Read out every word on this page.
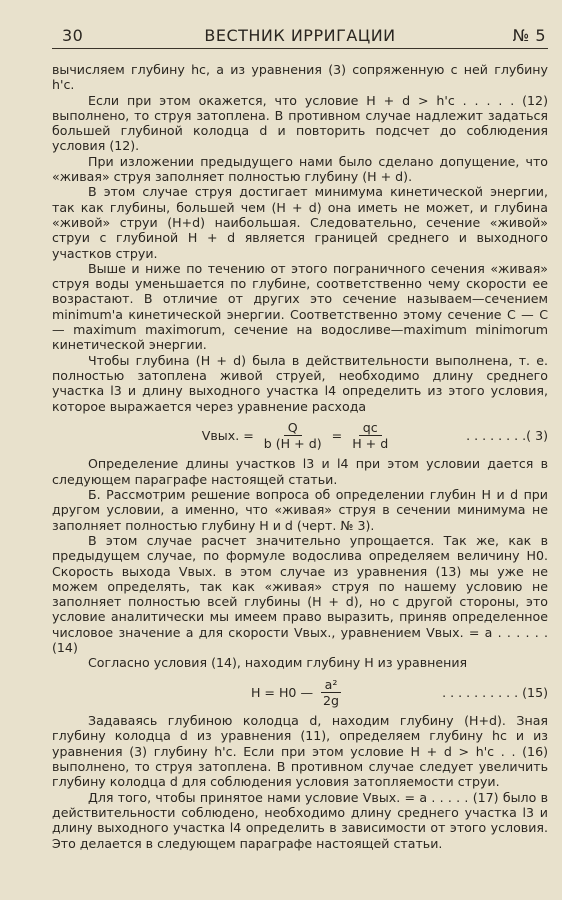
30	ВЕСТНИК ИРРИГАЦИИ	№ 5

вычисляем глубину hс, а из уравнения (3) сопряженную с ней глубину h'с.

Если при этом окажется, что условие H + d > h'с . . . . . (12) выполнено, то струя затоплена. В противном случае надлежит задаться большей глубиной колодца d и повторить подсчет до соблюдения условия (12).

При изложении предыдущего нами было сделано допущение, что «живая» струя заполняет полностью глубину (H + d).

В этом случае струя достигает минимума кинетической энергии, так как глубины, большей чем (H + d) она иметь не может, и глубина «живой» струи (H+d) наибольшая. Следовательно, сечение «живой» струи с глубиной H + d является границей среднего и выходного участков струи.

Выше и ниже по течению от этого пограничного сечения «живая» струя воды уменьшается по глубине, соответственно чему скорости ее возрастают. В отличие от других это сечение называем—сечением minimum'а кинетической энергии. Соответственно этому сечение С — С — maximum maximorum, сечение на водосливе—maximum minimorum кинетической энергии.

Чтобы глубина (H + d) была в действительности выполнена, т. е. полностью затоплена живой струей, необходимо длину среднего участка l3 и длину выходного участка l4 определить из этого условия, которое выражается через уравнение расхода

Vвых. = $\frac{Q}{b (H + d)} = \frac{qс}{H + d}$	. . . . . . . .( 3)

Определение длины участков l3 и l4 при этом условии дается в следующем параграфе настоящей статьи.

Б. Рассмотрим решение вопроса об определении глубин H и d при другом условии, а именно, что «живая» струя в сечении минимума не заполняет полностью глубину H и d (черт. № 3).

В этом случае расчет значительно упрощается. Так же, как в предыдущем случае, по формуле водослива определяем величину H0. Скорость выхода Vвых. в этом случае из уравнения (13) мы уже не можем определять, так как «живая» струя по нашему условию не заполняет полностью всей глубины (H + d), но с другой стороны, это условие аналитически мы имеем право выразить, приняв определенное числовое значение a для скорости Vвых., уравнением Vвых. = a . . . . . . (14)

Согласно условия (14), находим глубину H из уравнения

H = H0 — $\frac{\text{a²}}{2g}$	. . . . . . . . . . (15)

Задаваясь глубиною колодца d, находим глубину (H+d). Зная глубину колодца d из уравнения (11), определяем глубину hс и из уравнения (3) глубину h'с. Если при этом условие H + d > h'с . . (16) выполнено, то струя затоплена. В противном случае следует увеличить глубину колодца d для соблюдения условия затопляемости струи.

Для того, чтобы принятое нами условие Vвых. = a . . . . . (17) было в действительности соблюдено, необходимо длину среднего участка l3 и длину выходного участка l4 определить в зависимости от этого условия. Это делается в следующем параграфе настоящей статьи.
